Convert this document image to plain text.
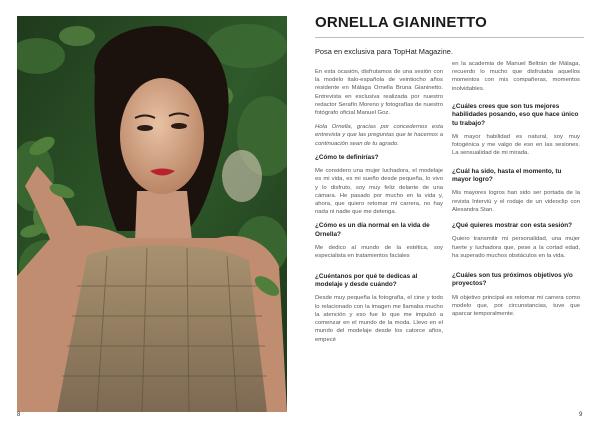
8	9
ORNELLA GIANINETTO
Posa en exclusiva para TopHat Magazine.

En esta ocasión, disfrutamos de una sesión con la modelo italo-española de veintiocho años residente en Málaga Ornella Bruna Gianinetto. Entrevista en exclusiva realizada por nuestro redactor Serafín Moreno y fotografías de nuestro fotógrafo oficial Manuel Goz.

Hola Ornella, gracias por concedernos esta entrevista y que las preguntas que te hacemos a continuación sean de tu agrado.

¿Cómo te definirías?

Me considero una mujer luchadora, el modelaje es mi vida, es mi sueño desde pequeña, lo vivo y lo disfruto, soy muy feliz delante de una cámara. He pasado por mucho en la vida y, ahora, que quiero retomar mi carrera, no hay nada ni nadie que me detenga.

¿Cómo es un día normal en la vida de Ornella?

Me dedico al mundo de la estética, soy especialista en tratamientos faciales

¿Cuéntanos por qué te dedicas al modelaje y desde cuándo?

Desde muy pequeña la fotografía, el cine y todo lo relacionado con la imagen me llamaba mucho la atención y eso fue lo que me impulsó a comenzar en el mundo de la moda. Llevo en el mundo del modelaje desde los catorce años, empecé

en la academia de Manuel Beltrán de Málaga, recuerdo lo mucho que disfrutaba aquellos momentos con mis compañeras, momentos inolvidables.

¿Cuáles crees que son tus mejores habilidades posando, eso que hace único tu trabajo?

Mi mayor habilidad es natural, soy muy fotogénica y me valgo de eso en las sesiones. La sensualidad de mi mirada.

¿Cuál ha sido, hasta el momento, tu mayor logro?

Mis mayores logros han sido ser portada de la revista Interviú y el rodaje de un videoclip con Alexandra Stan.

¿Qué quieres mostrar con esta sesión?

Quiero transmitir mi personalidad, una mujer fuerte y luchadora que, pese a la cortad edad, ha superado muchos obstáculos en la vida.

¿Cuáles son tus próximos objetivos y/o proyectos?

Mi objetivo principal es retomar mi carrera como modelo que, por circunstancias, tuve que aparcar temporalmente.
